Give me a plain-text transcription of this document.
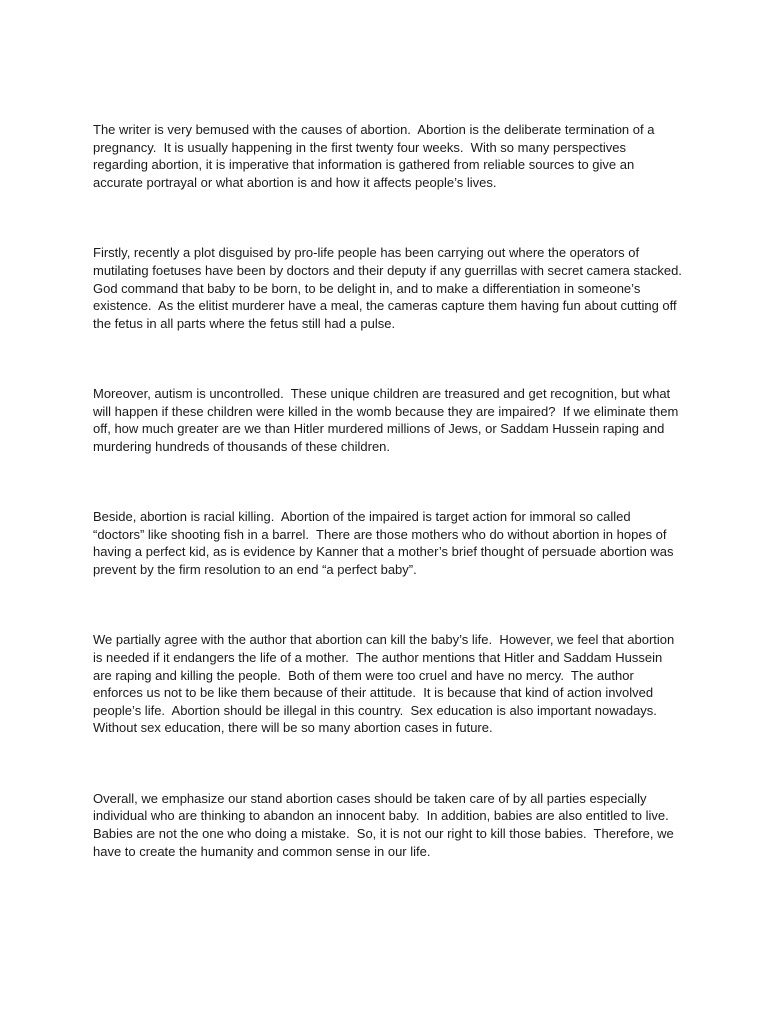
The writer is very bemused with the causes of abortion.  Abortion is the deliberate termination of a pregnancy.  It is usually happening in the first twenty four weeks.  With so many perspectives regarding abortion, it is imperative that information is gathered from reliable sources to give an accurate portrayal or what abortion is and how it affects people’s lives.

Firstly, recently a plot disguised by pro-life people has been carrying out where the operators of mutilating foetuses have been by doctors and their deputy if any guerrillas with secret camera stacked.  God command that baby to be born, to be delight in, and to make a differentiation in someone’s existence.  As the elitist murderer have a meal, the cameras capture them having fun about cutting off the fetus in all parts where the fetus still had a pulse.

Moreover, autism is uncontrolled.  These unique children are treasured and get recognition, but what will happen if these children were killed in the womb because they are impaired?  If we eliminate them off, how much greater are we than Hitler murdered millions of Jews, or Saddam Hussein raping and murdering hundreds of thousands of these children.

Beside, abortion is racial killing.  Abortion of the impaired is target action for immoral so called “doctors” like shooting fish in a barrel.  There are those mothers who do without abortion in hopes of having a perfect kid, as is evidence by Kanner that a mother’s brief thought of persuade abortion was prevent by the firm resolution to an end “a perfect baby”.

We partially agree with the author that abortion can kill the baby’s life.  However, we feel that abortion is needed if it endangers the life of a mother.  The author mentions that Hitler and Saddam Hussein are raping and killing the people.  Both of them were too cruel and have no mercy.  The author enforces us not to be like them because of their attitude.  It is because that kind of action involved people’s life.  Abortion should be illegal in this country.  Sex education is also important nowadays.  Without sex education, there will be so many abortion cases in future.

Overall, we emphasize our stand abortion cases should be taken care of by all parties especially individual who are thinking to abandon an innocent baby.  In addition, babies are also entitled to live.  Babies are not the one who doing a mistake.  So, it is not our right to kill those babies.  Therefore, we have to create the humanity and common sense in our life.
